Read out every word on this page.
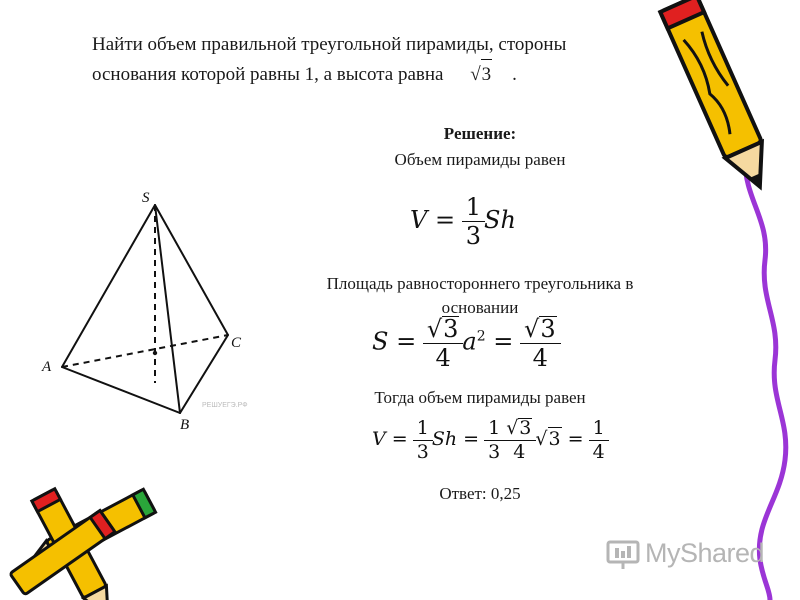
Найти объем правильной треугольной пирамиды, стороны
основания которой равны 1, а высота равна √3 .
Решение:
Объем пирамиды равен
$V = \frac{1}{3}$ Sh
Площадь равностороннего треугольника в
основании
$S = \frac{√3}{4} a^2 = \frac{√3}{4}$
Тогда объем пирамиды равен
$V = \frac{1}{3}$ $Sh = \frac{1}{3} \frac{√3}{4} √3 = \frac{1}{4}$
Ответ: 0,25
S
A
B
C
РЕШУЕГЭ.РФ
MyShared
